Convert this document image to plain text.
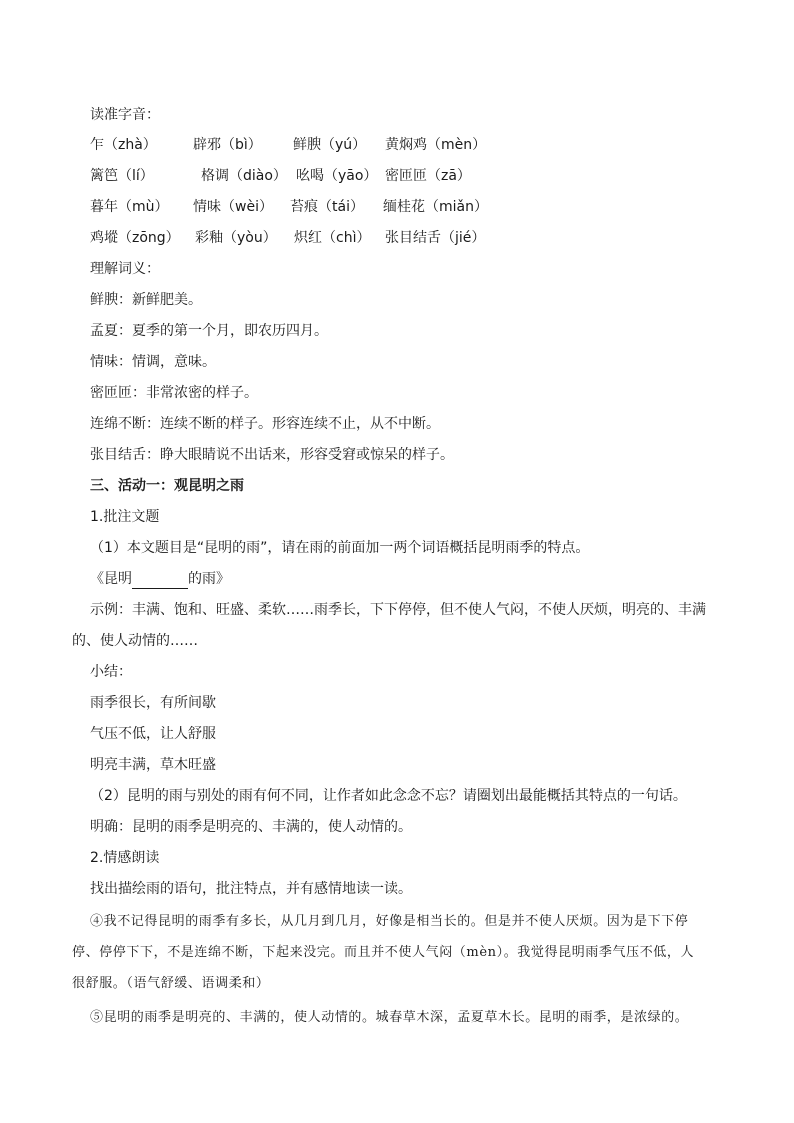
读准字音：
乍（zhà）	辟邪（bì） 鲜腴（yú） 黄焖鸡（mèn）
篱笆（lí）	格调（diào） 吆喝（yāo） 密匝匝（zā）
暮年（mù） 情味（wèi） 苔痕（tái） 缅桂花（miǎn）
鸡㙡（zōng） 彩釉（yòu） 炽红（chì） 张目结舌（jié）
理解词义：
鲜腴：新鲜肥美。
孟夏：夏季的第一个月，即农历四月。
情味：情调，意味。
密匝匝：非常浓密的样子。
连绵不断：连续不断的样子。形容连续不止，从不中断。
张目结舌：睁大眼睛说不出话来，形容受窘或惊呆的样子。
三、活动一：观昆明之雨
1.批注文题
（1）本文题目是“昆明的雨”，请在雨的前面加一两个词语概括昆明雨季的特点。
《昆明	的雨》
示例：丰满、饱和、旺盛、柔软……雨季长，下下停停，但不使人气闷，不使人厌烦，明亮的、丰满
的、使人动情的……
小结：
雨季很长，有所间歇
气压不低，让人舒服
明亮丰满，草木旺盛
（2）昆明的雨与别处的雨有何不同，让作者如此念念不忘？请圈划出最能概括其特点的一句话。
明确：昆明的雨季是明亮的、丰满的，使人动情的。
2.情感朗读
找出描绘雨的语句，批注特点，并有感情地读一读。
④我不记得昆明的雨季有多长，从几月到几月，好像是相当长的。但是并不使人厌烦。因为是下下停
停、停停下下，不是连绵不断，下起来没完。而且并不使人气闷（mèn）。我觉得昆明雨季气压不低，人
很舒服。（语气舒缓、语调柔和）
⑤昆明的雨季是明亮的、丰满的，使人动情的。城春草木深，孟夏草木长。昆明的雨季，是浓绿的。
